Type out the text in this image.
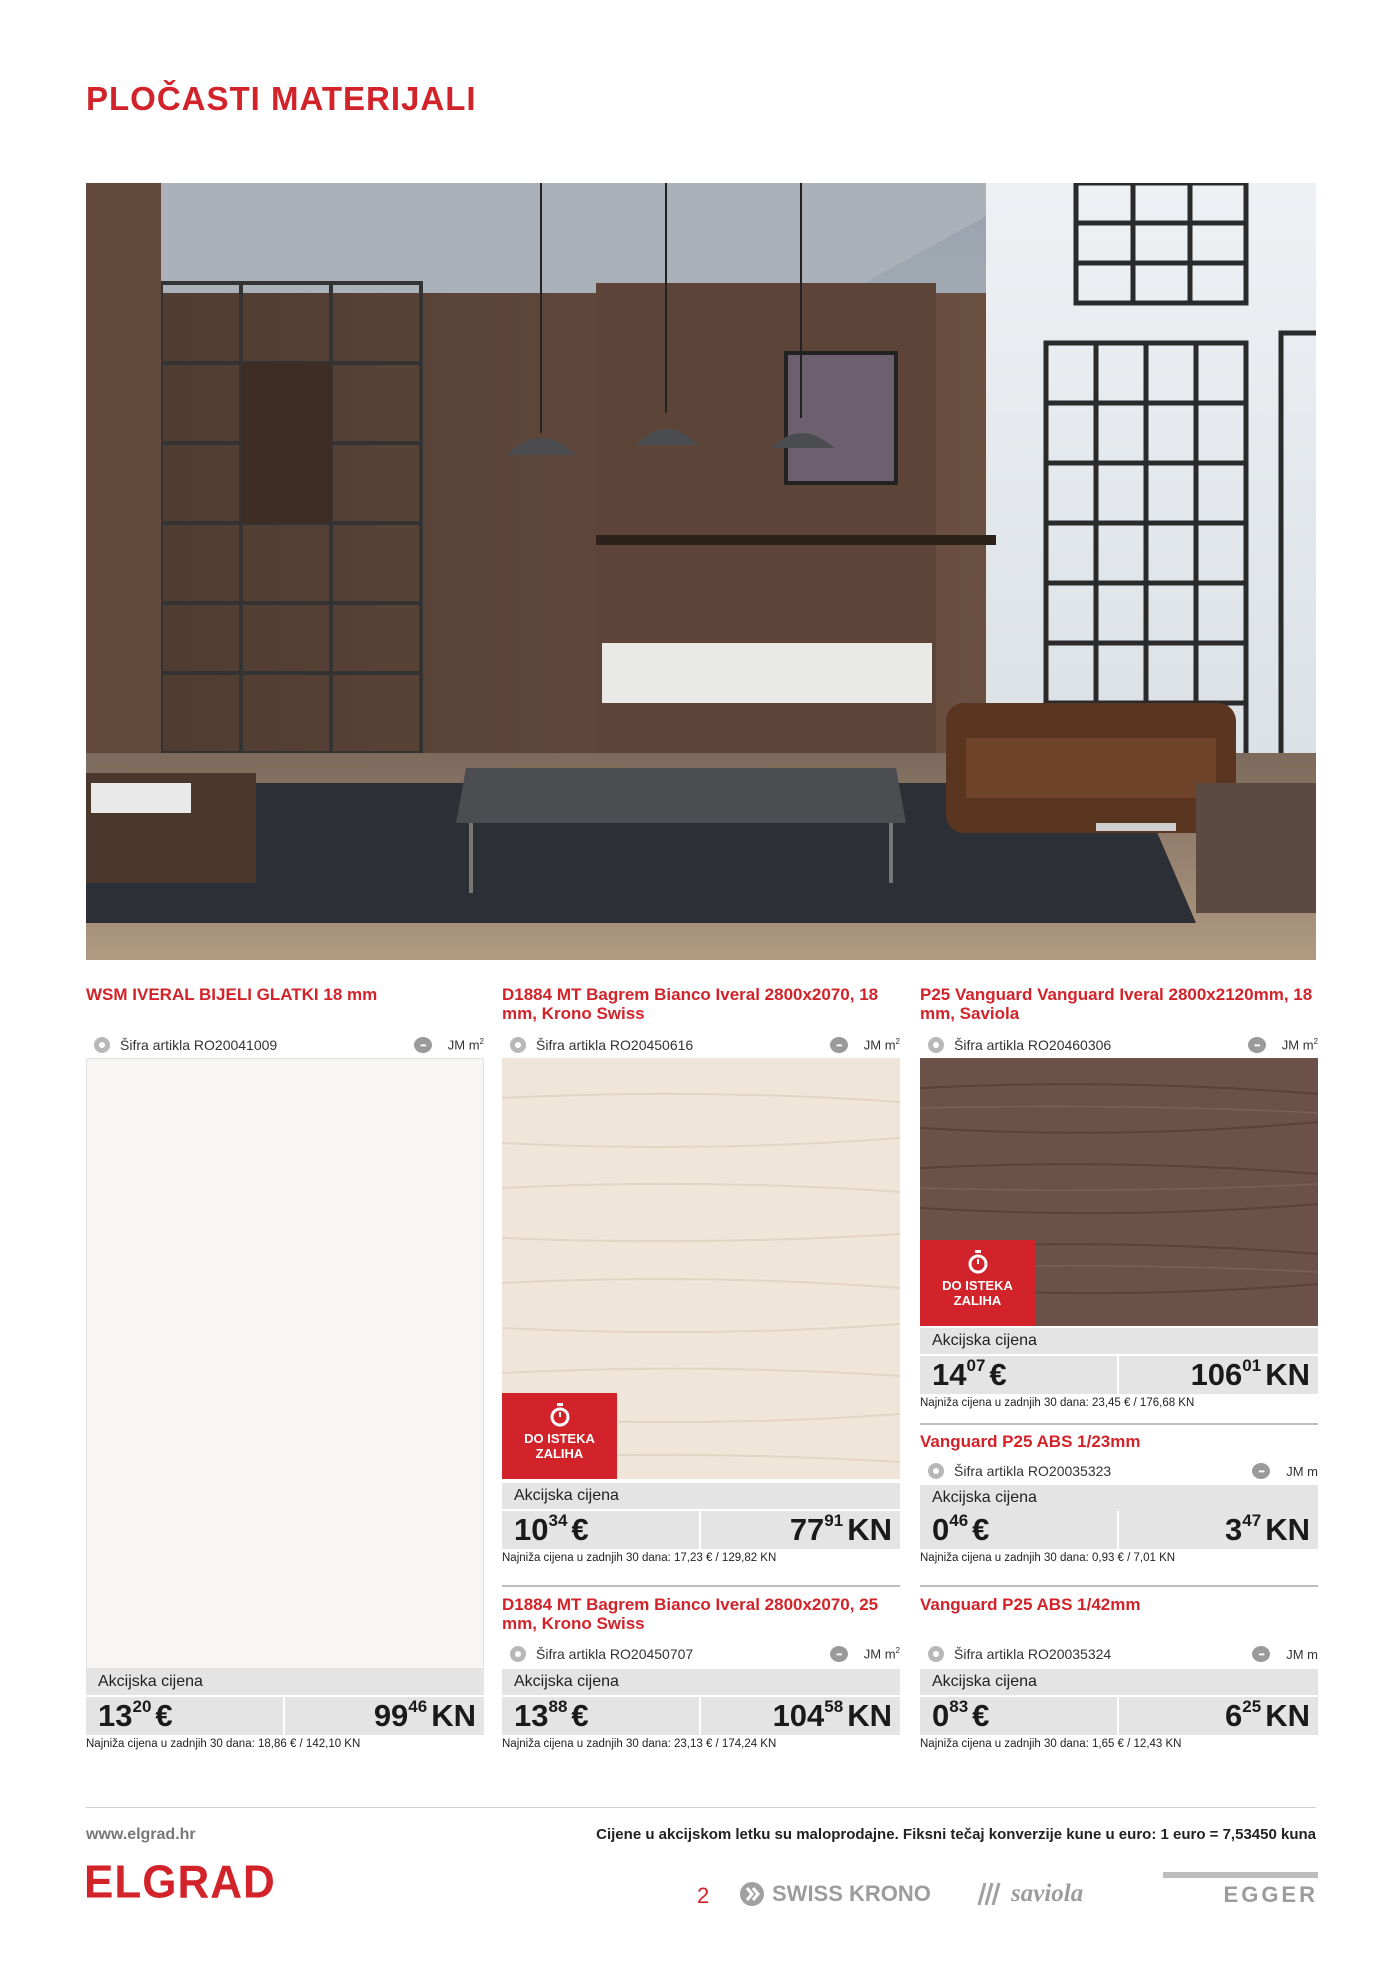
PLOČASTI MATERIJALI
WSM IVERAL BIJELI GLATKI 18 mm
Šifra artikla RO20041009	•••	JM $m^2$
Akcijska cijena
$13^{20}$ €	$99^{46}$ KN
Najniža cijena u zadnjih 30 dana: 18,86 € / 142,10 KN
D1884 MT Bagrem Bianco Iveral 2800x2070, 18 mm, Krono Swiss
Šifra artikla RO20450616	•••	JM $m^2$
DO ISTEKA
ZALIHA
Akcijska cijena
$10^{34}$ €	$77^{91}$ KN
Najniža cijena u zadnjih 30 dana: 17,23 € / 129,82 KN
D1884 MT Bagrem Bianco Iveral 2800x2070, 25 mm, Krono Swiss
Šifra artikla RO20450707	•••	JM $m^2$
Akcijska cijena
$13^{88}$ €	$104^{58}$ KN
Najniža cijena u zadnjih 30 dana: 23,13 € / 174,24 KN
P25 Vanguard Vanguard Iveral 2800x2120mm, 18 mm, Saviola
Šifra artikla RO20460306	•••	JM $m^2$
DO ISTEKA
ZALIHA
Akcijska cijena
$14^{07}$ €	$106^{01}$ KN
Najniža cijena u zadnjih 30 dana: 23,45 € / 176,68 KN
Vanguard P25 ABS 1/23mm
Šifra artikla RO20035323	•••	JM m
Akcijska cijena
$0^{46}$ €	$3^{47}$ KN
Najniža cijena u zadnjih 30 dana: 0,93 € / 7,01 KN
Vanguard P25 ABS 1/42mm
Šifra artikla RO20035324	•••	JM m
Akcijska cijena
$0^{83}$ €	$6^{25}$ KN
Najniža cijena u zadnjih 30 dana: 1,65 € / 12,43 KN
www.elgrad.hr	Cijene u akcijskom letku su maloprodajne. Fiksni tečaj konverzije kune u euro: 1 euro = 7,53450 kuna
ELGRAD	2	SWISS KRONO	saviola	EGGER
